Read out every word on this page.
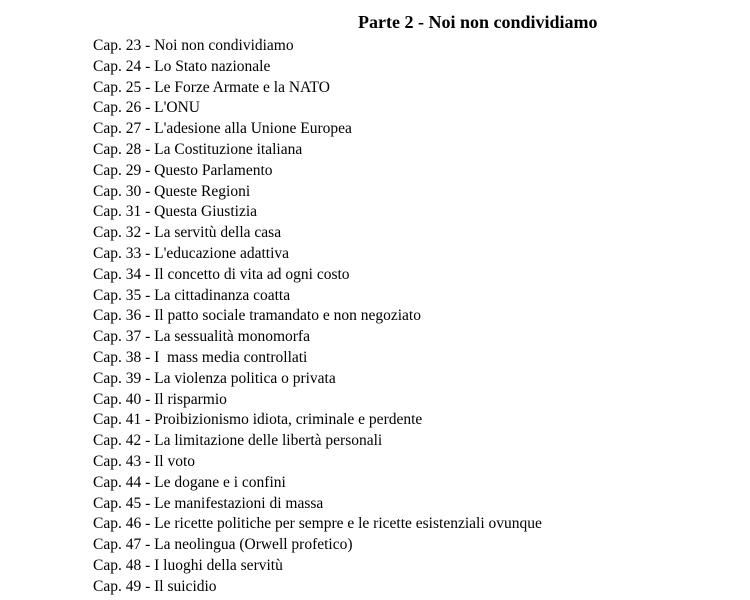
Parte 2 - Noi non condividiamo
Cap. 23 - Noi non condividiamo
Cap. 24 - Lo Stato nazionale
Cap. 25 - Le Forze Armate e la NATO
Cap. 26 - L'ONU
Cap. 27 - L'adesione alla Unione Europea
Cap. 28 - La Costituzione italiana
Cap. 29 - Questo Parlamento
Cap. 30 - Queste Regioni
Cap. 31 - Questa Giustizia
Cap. 32 - La servitù della casa
Cap. 33 - L'educazione adattiva
Cap. 34 - Il concetto di vita ad ogni costo
Cap. 35 - La cittadinanza coatta
Cap. 36 - Il patto sociale tramandato e non negoziato
Cap. 37 - La sessualità monomorfa
Cap. 38 - I  mass media controllati
Cap. 39 - La violenza politica o privata
Cap. 40 - Il risparmio
Cap. 41 - Proibizionismo idiota, criminale e perdente
Cap. 42 - La limitazione delle libertà personali
Cap. 43 - Il voto
Cap. 44 - Le dogane e i confini
Cap. 45 - Le manifestazioni di massa
Cap. 46 - Le ricette politiche per sempre e le ricette esistenziali ovunque
Cap. 47 - La neolingua (Orwell profetico)
Cap. 48 - I luoghi della servitù
Cap. 49 - Il suicidio
